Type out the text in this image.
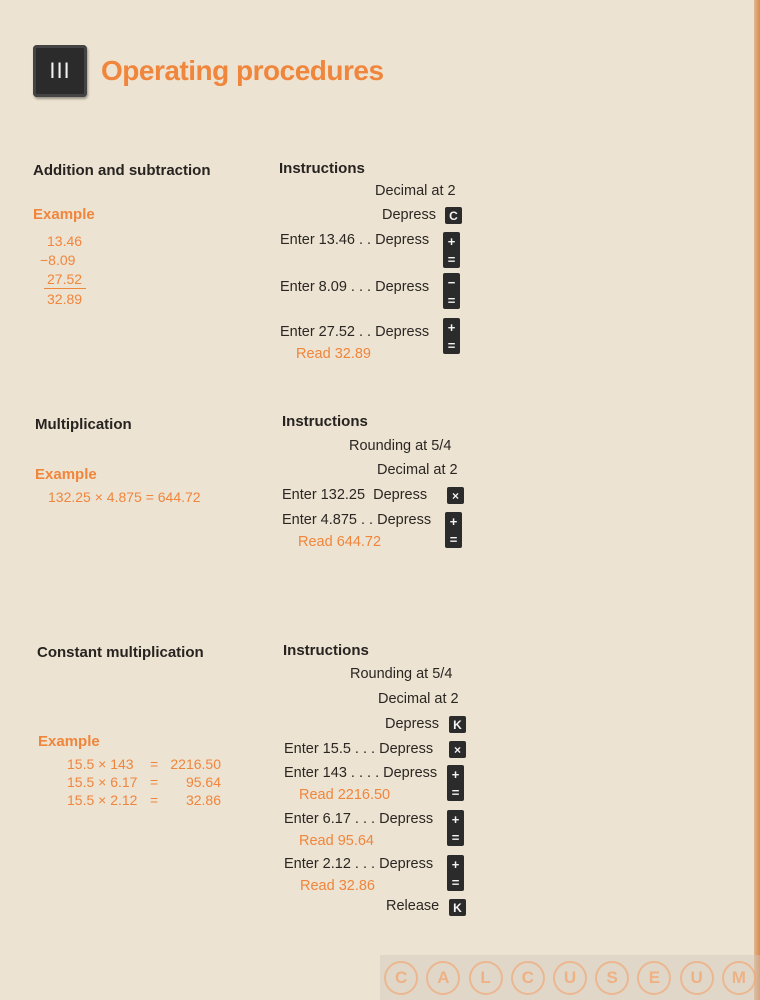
III	Operating procedures
Addition and subtraction
Example
13.46
−8.09
27.52
32.89
Instructions
Decimal at 2
Depress	C
Enter 13.46 . . Depress +
=
Enter 8.09 . . . Depress −
=
Enter 27.52 . . Depress +
=
Read 32.89
Multiplication
Example
132.25 × 4.875 = 644.72
Instructions
Rounding at 5/4
Decimal at 2
Enter 132.25  Depress	×
Enter 4.875 . . Depress +
=
Read 644.72
Constant multiplication
Example
15.5 × 143 = 2216.50
15.5 × 6.17 =	95.64
15.5 × 2.12 =	32.86
Instructions
Rounding at 5/4
Decimal at 2
Depress	K
Enter 15.5 . . . Depress	×
Enter 143 . . . . Depress +
=
Read 2216.50
Enter 6.17 . . . Depress +
=
Read 95.64
Enter 2.12 . . . Depress +
=
Read 32.86
Release	K
C	A	L	C	U	S	E	U	M
